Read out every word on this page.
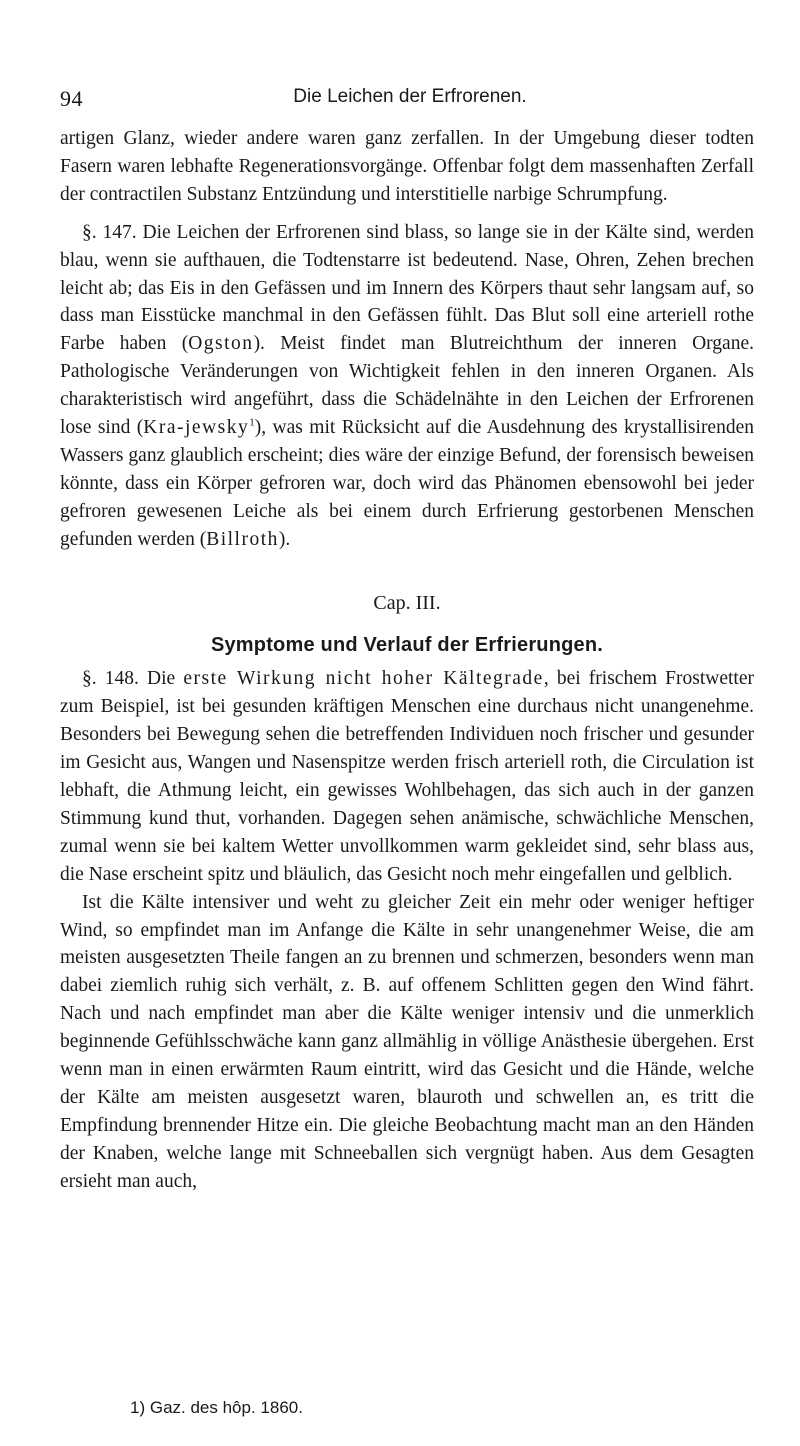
94	Die Leichen der Erfrorenen.

artigen Glanz, wieder andere waren ganz zerfallen. In der Umgebung dieser todten Fasern waren lebhafte Regenerationsvorgänge. Offenbar folgt dem massenhaften Zerfall der contractilen Substanz Entzündung und interstitielle narbige Schrumpfung.

§. 147. Die Leichen der Erfrorenen sind blass, so lange sie in der Kälte sind, werden blau, wenn sie aufthauen, die Todtenstarre ist bedeutend. Nase, Ohren, Zehen brechen leicht ab; das Eis in den Gefässen und im Innern des Körpers thaut sehr langsam auf, so dass man Eisstücke manchmal in den Gefässen fühlt. Das Blut soll eine arteriell rothe Farbe haben (Ogston). Meist findet man Blutreichthum der inneren Organe. Pathologische Veränderungen von Wichtigkeit fehlen in den inneren Organen. Als charakteristisch wird angeführt, dass die Schädelnähte in den Leichen der Erfrorenen lose sind (Kra-jewsky$^1$), was mit Rücksicht auf die Ausdehnung des krystallisirenden Wassers ganz glaublich erscheint; dies wäre der einzige Befund, der forensisch beweisen könnte, dass ein Körper gefroren war, doch wird das Phänomen ebensowohl bei jeder gefroren gewesenen Leiche als bei einem durch Erfrierung gestorbenen Menschen gefunden werden (Billroth).

Cap. III.

Symptome und Verlauf der Erfrierungen.

§. 148. Die erste Wirkung nicht hoher Kältegrade, bei frischem Frostwetter zum Beispiel, ist bei gesunden kräftigen Menschen eine durchaus nicht unangenehme. Besonders bei Bewegung sehen die betreffenden Individuen noch frischer und gesunder im Gesicht aus, Wangen und Nasenspitze werden frisch arteriell roth, die Circulation ist lebhaft, die Athmung leicht, ein gewisses Wohlbehagen, das sich auch in der ganzen Stimmung kund thut, vorhanden. Dagegen sehen anämische, schwächliche Menschen, zumal wenn sie bei kaltem Wetter unvollkommen warm gekleidet sind, sehr blass aus, die Nase erscheint spitz und bläulich, das Gesicht noch mehr eingefallen und gelblich.

Ist die Kälte intensiver und weht zu gleicher Zeit ein mehr oder weniger heftiger Wind, so empfindet man im Anfange die Kälte in sehr unangenehmer Weise, die am meisten ausgesetzten Theile fangen an zu brennen und schmerzen, besonders wenn man dabei ziemlich ruhig sich verhält, z. B. auf offenem Schlitten gegen den Wind fährt. Nach und nach empfindet man aber die Kälte weniger intensiv und die unmerklich beginnende Gefühlsschwäche kann ganz allmählig in völlige Anästhesie übergehen. Erst wenn man in einen erwärmten Raum eintritt, wird das Gesicht und die Hände, welche der Kälte am meisten ausgesetzt waren, blauroth und schwellen an, es tritt die Empfindung brennender Hitze ein. Die gleiche Beobachtung macht man an den Händen der Knaben, welche lange mit Schneeballen sich vergnügt haben. Aus dem Gesagten ersieht man auch,

1) Gaz. des hôp. 1860.
